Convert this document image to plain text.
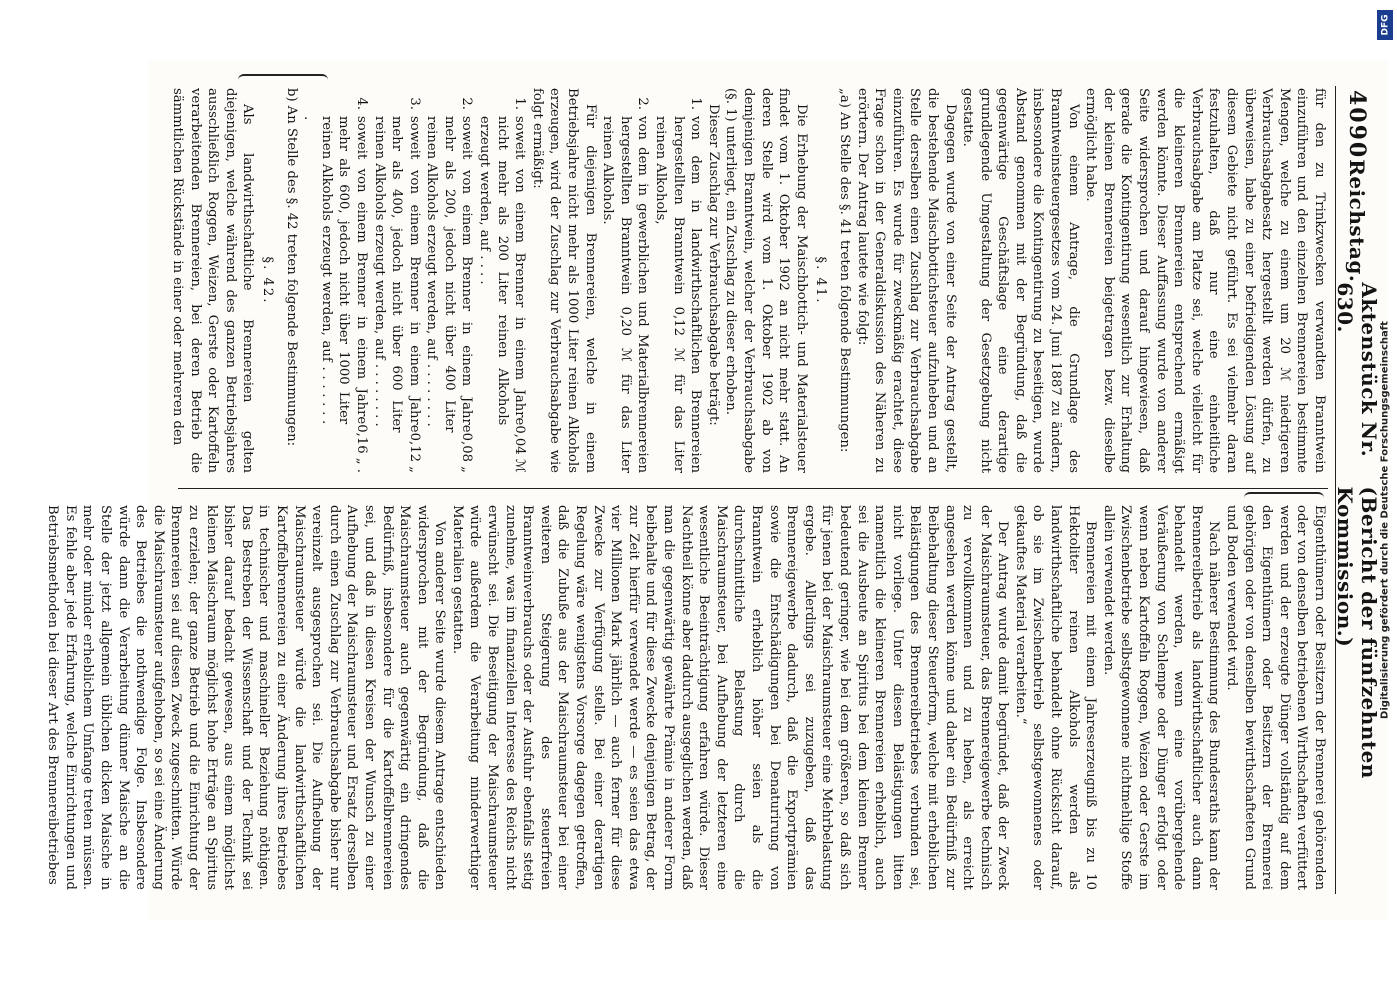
4090
Reichstag.
Aktenstück Nr. 630.
(Bericht der fünfzehnten Kommission.)

für den zu Trinkzwecken verwandten Branntwein einzuführen und den einzelnen Brennereien bestimmte Mengen, welche zu einem um 20 ℳ niedrigeren Verbrauchsabgabesatz hergestellt werden dürfen, zu überweisen, habe zu einer befriedigenden Lösung auf diesem Gebiete nicht geführt. Es sei vielmehr daran festzuhalten, daß nur eine einheitliche Verbrauchsabgabe am Platze sei, welche vielleicht für die kleineren Brennereien entsprechend ermäßigt werden könnte. Dieser Auffassung wurde von anderer Seite widersprochen und darauf hingewiesen, daß gerade die Kontingentirung wesentlich zur Erhaltung der kleinen Brennereien beigetragen bezw. dieselbe ermöglicht habe.

Von einem Antrage, die Grundlage des Branntweinsteuergesetzes vom 24. Juni 1887 zu ändern, insbesondere die Kontingentirung zu beseitigen, wurde Abstand genommen mit der Begründung, daß die gegenwärtige Geschäftslage eine derartige grundlegende Umgestaltung der Gesetzgebung nicht gestatte.

Dagegen wurde von einer Seite der Antrag gestellt, die bestehende Maischbottichsteuer aufzuheben und an Stelle derselben einen Zuschlag zur Verbrauchsabgabe einzuführen. Es wurde für zweckmäßig erachtet, diese Frage schon in der Generaldiskussion des Näheren zu erörtern. Der Antrag lautete wie folgt:

„a) An Stelle des §. 41 treten folgende Bestimmungen:

§. 41.

Die Erhebung der Maischbottich- und Materialsteuer findet vom 1. Oktober 1902 an nicht mehr statt. An deren Stelle wird vom 1. Oktober 1902 ab von demjenigen Branntwein, welcher der Verbrauchsabgabe (§. 1) unterliegt, ein Zuschlag zu dieser erhoben.

Dieser Zuschlag zur Verbrauchsabgabe beträgt:

1.
von dem in landwirthschaftlichen Brennereien hergestellten Branntwein 0,12 ℳ für das Liter reinen Alkohols,
2.
von dem in gewerblichen und Materialbrennereien hergestellten Branntwein 0,20 ℳ für das Liter reinen Alkohols.

Für diejenigen Brennereien, welche in einem Betriebsjahre nicht mehr als 1000 Liter reinen Alkohols erzeugen, wird der Zuschlag zur Verbrauchsabgabe wie folgt ermäßigt:

1.
soweit von einem Brenner in einem Jahre nicht mehr als 200 Liter reinen Alkohols erzeugt werden, auf . . . .
0,04 ℳ
2.
soweit von einem Brenner in einem Jahre mehr als 200, jedoch nicht über 400 Liter reinen Alkohols erzeugt werden, auf . . . . . . . .
0,08 „
3.
soweit von einem Brenner in einem Jahre mehr als 400, jedoch nicht über 600 Liter reinen Alkohols erzeugt werden, auf . . . . . . . .
0,12 „
4.
soweit von einem Brenner in einem Jahre mehr als 600, jedoch nicht über 1000 Liter reinen Alkohols erzeugt werden, auf . . . . . . . .
0,16 „ .

b) An Stelle des §. 42 treten folgende Bestimmungen:

§. 42.

Als landwirthschaftliche Brennereien gelten diejenigen, welche während des ganzen Betriebsjahres ausschließlich Roggen, Weizen, Gerste oder Kartoffeln verarbeitenden Brennereien, bei deren Betrieb die sämmtlichen Rückstände in einer oder mehreren den

Eigenthümern oder Besitzern der Brennerei gehörenden oder von denselben betriebenen Wirthschaften verfüttert werden und der erzeugte Dünger vollständig auf dem den Eigenthümern oder Besitzern der Brennerei gehörigen oder von denselben bewirthschafteten Grund und Boden verwendet wird.

Nach näherer Bestimmung des Bundesraths kann der Brennereibetrieb als landwirthschaftlicher auch dann behandelt werden, wenn eine vorübergehende Veräußerung von Schlempe oder Dünger erfolgt oder wenn neben Kartoffeln Roggen, Weizen oder Gerste im Zwischenbetriebe selbstgewonnene nichtmehlige Stoffe allein verwendet werden.

Brennereien mit einem Jahreserzeugniß bis zu 10 Hektoliter reinen Alkohols werden als landwirthschaftliche behandelt ohne Rücksicht darauf, ob sie im Zwischenbetrieb selbstgewonnenes oder gekauftes Material verarbeiten.“

Der Antrag wurde damit begründet, daß der Zweck der Maischraumsteuer, das Brennereigewerbe technisch zu vervollkommnen und zu heben, als erreicht angesehen werden könne und daher ein Bedürfniß zur Beibehaltung dieser Steuerform, welche mit erheblichen Belästigungen des Brennereibetriebes verbunden sei, nicht vorliege. Unter diesen Belästigungen litten namentlich die kleineren Brennereien erheblich, auch sei die Ausbeute an Spiritus bei dem kleinen Brenner bedeutend geringer, wie bei dem größeren, so daß sich für jenen bei der Maischraumsteuer eine Mehrbelastung ergebe. Allerdings sei zuzugeben, daß das Brennereigewerbe dadurch, daß die Exportprämien sowie die Entschädigungen bei Denaturirung von Branntwein erheblich höher seien als die durchschnittliche Belastung durch die Maischraumsteuer, bei Aufhebung der letzteren eine wesentliche Beeinträchtigung erfahren würde. Dieser Nachtheil könne aber dadurch ausgeglichen werden, daß man die gegenwärtig gewährte Prämie in anderer Form beibehalte und für diese Zwecke denjenigen Betrag, der zur Zeit hierfür verwendet werde — es seien das etwa vier Millionen Mark jährlich — auch ferner für diese Zwecke zur Verfügung stelle. Bei einer derartigen Regelung wäre wenigstens Vorsorge dagegen getroffen, daß die Zubuße aus der Maischraumsteuer bei einer weiteren Steigerung des steuerfreien Branntweinverbrauchs oder der Ausfuhr ebenfalls stetig zunehme, was im finanziellen Interesse des Reichs nicht erwünscht sei. Die Beseitigung der Maischraumsteuer würde außerdem die Verarbeitung minderwerthiger Materialien gestatten.

Von anderer Seite wurde diesem Antrage entschieden widersprochen mit der Begründung, daß die Maischraumsteuer auch gegenwärtig ein dringendes Bedürfniß, insbesondere für die Kartoffelbrennereien sei, und daß in diesen Kreisen der Wunsch zu einer Aufhebung der Maischraumsteuer und Ersatz derselben durch einen Zuschlag zur Verbrauchsabgabe bisher nur vereinzelt ausgesprochen sei. Die Aufhebung der Maischraumsteuer würde die landwirthschaftlichen Kartoffelbrennereien zu einer Änderung ihres Betriebes in technischer und maschineller Beziehung nöthigen. Das Bestreben der Wissenschaft und der Technik sei bisher darauf bedacht gewesen, aus einem möglichst kleinen Maischraum möglichst hohe Erträge an Spiritus zu erzielen; der ganze Betrieb und die Einrichtung der Brennereien sei auf diesen Zweck zugeschnitten. Würde die Maischraumsteuer aufgehoben, so sei eine Änderung des Betriebes die nothwendige Folge. Insbesondere würde dann die Verarbeitung dünner Maische an die Stelle der jetzt allgemein üblichen dicken Maische in mehr oder minder erheblichem Umfange treten müssen. Es fehle aber jede Erfahrung, welche Einrichtungen und Betriebsmethoden bei dieser Art des Brennereibetriebes

DFG
Digitalisierung gefördert durch die Deutsche Forschungsgemeinschaft
